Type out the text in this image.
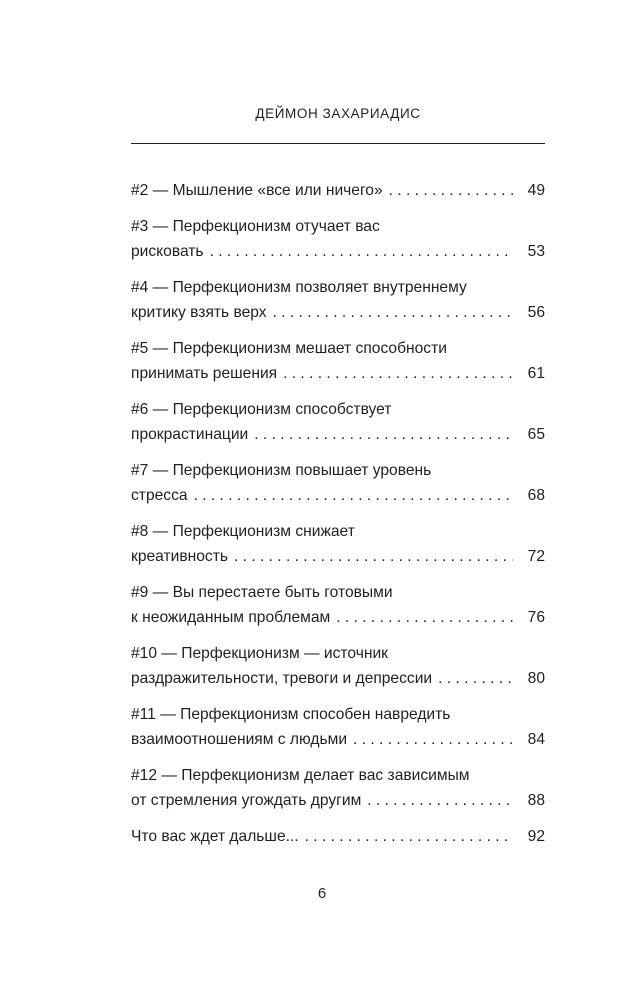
ДЕЙМОН ЗАХАРИАДИС
#2 — Мышление «все или ничего» . . .	49
#3 — Перфекционизм отучает вас
рисковать . . .	53
#4 — Перфекционизм позволяет внутреннему
критику взять верх . . .	56
#5 — Перфекционизм мешает способности
принимать решения . . .	61
#6 — Перфекционизм способствует
прокрастинации . . .	65
#7 — Перфекционизм повышает уровень
стресса . . .	68
#8 — Перфекционизм снижает
креативность . . .	72
#9 — Вы перестаете быть готовыми
к неожиданным проблемам . . .	76
#10 — Перфекционизм — источник
раздражительности, тревоги и депрессии . . .	80
#11 — Перфекционизм способен навредить
взаимоотношениям с людьми . . .	84
#12 — Перфекционизм делает вас зависимым
от стремления угождать другим . . .	88
Что вас ждет дальше... . . .	92
6
